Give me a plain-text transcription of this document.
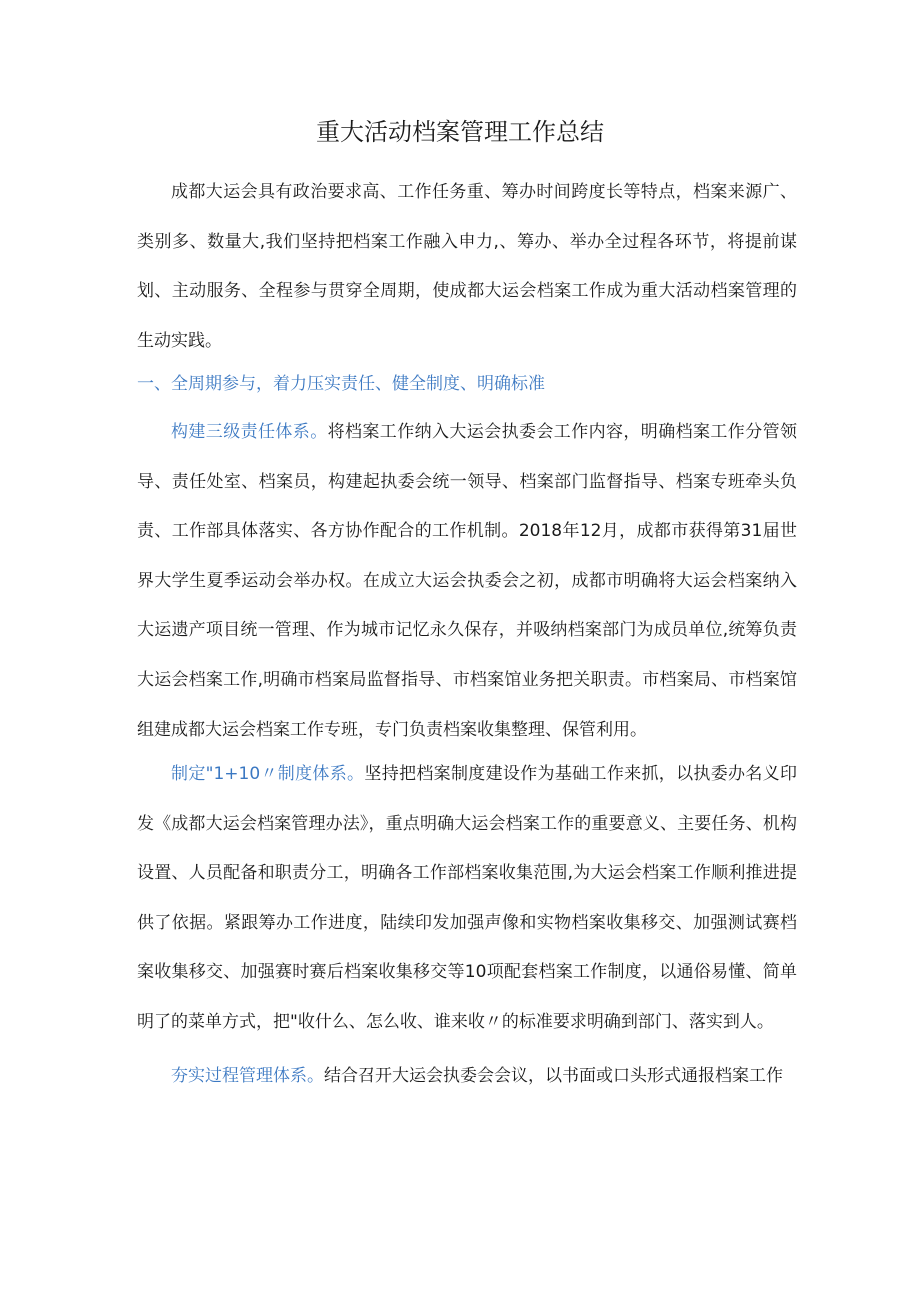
重大活动档案管理工作总结

成都大运会具有政治要求高、工作任务重、筹办时间跨度长等特点，档案来源广、类别多、数量大,我们坚持把档案工作融入申力,、筹办、举办全过程各环节，将提前谋划、主动服务、全程参与贯穿全周期，使成都大运会档案工作成为重大活动档案管理的生动实践。

一、全周期参与，着力压实责任、健全制度、明确标准

构建三级责任体系。将档案工作纳入大运会执委会工作内容，明确档案工作分管领导、责任处室、档案员，构建起执委会统一领导、档案部门监督指导、档案专班牵头负责、工作部具体落实、各方协作配合的工作机制。2018年12月，成都市获得第31届世界大学生夏季运动会举办权。在成立大运会执委会之初，成都市明确将大运会档案纳入大运遗产项目统一管理、作为城市记忆永久保存，并吸纳档案部门为成员单位,统筹负责大运会档案工作,明确市档案局监督指导、市档案馆业务把关职责。市档案局、市档案馆组建成都大运会档案工作专班，专门负责档案收集整理、保管利用。

制定"1+10〃制度体系。坚持把档案制度建设作为基础工作来抓，以执委办名义印发《成都大运会档案管理办法》，重点明确大运会档案工作的重要意义、主要任务、机构设置、人员配备和职责分工，明确各工作部档案收集范围,为大运会档案工作顺利推进提供了依据。紧跟筹办工作进度，陆续印发加强声像和实物档案收集移交、加强测试赛档案收集移交、加强赛时赛后档案收集移交等10项配套档案工作制度，以通俗易懂、简单明了的菜单方式，把"收什么、怎么收、谁来收〃的标准要求明确到部门、落实到人。

夯实过程管理体系。结合召开大运会执委会会议，以书面或口头形式通报档案工作
